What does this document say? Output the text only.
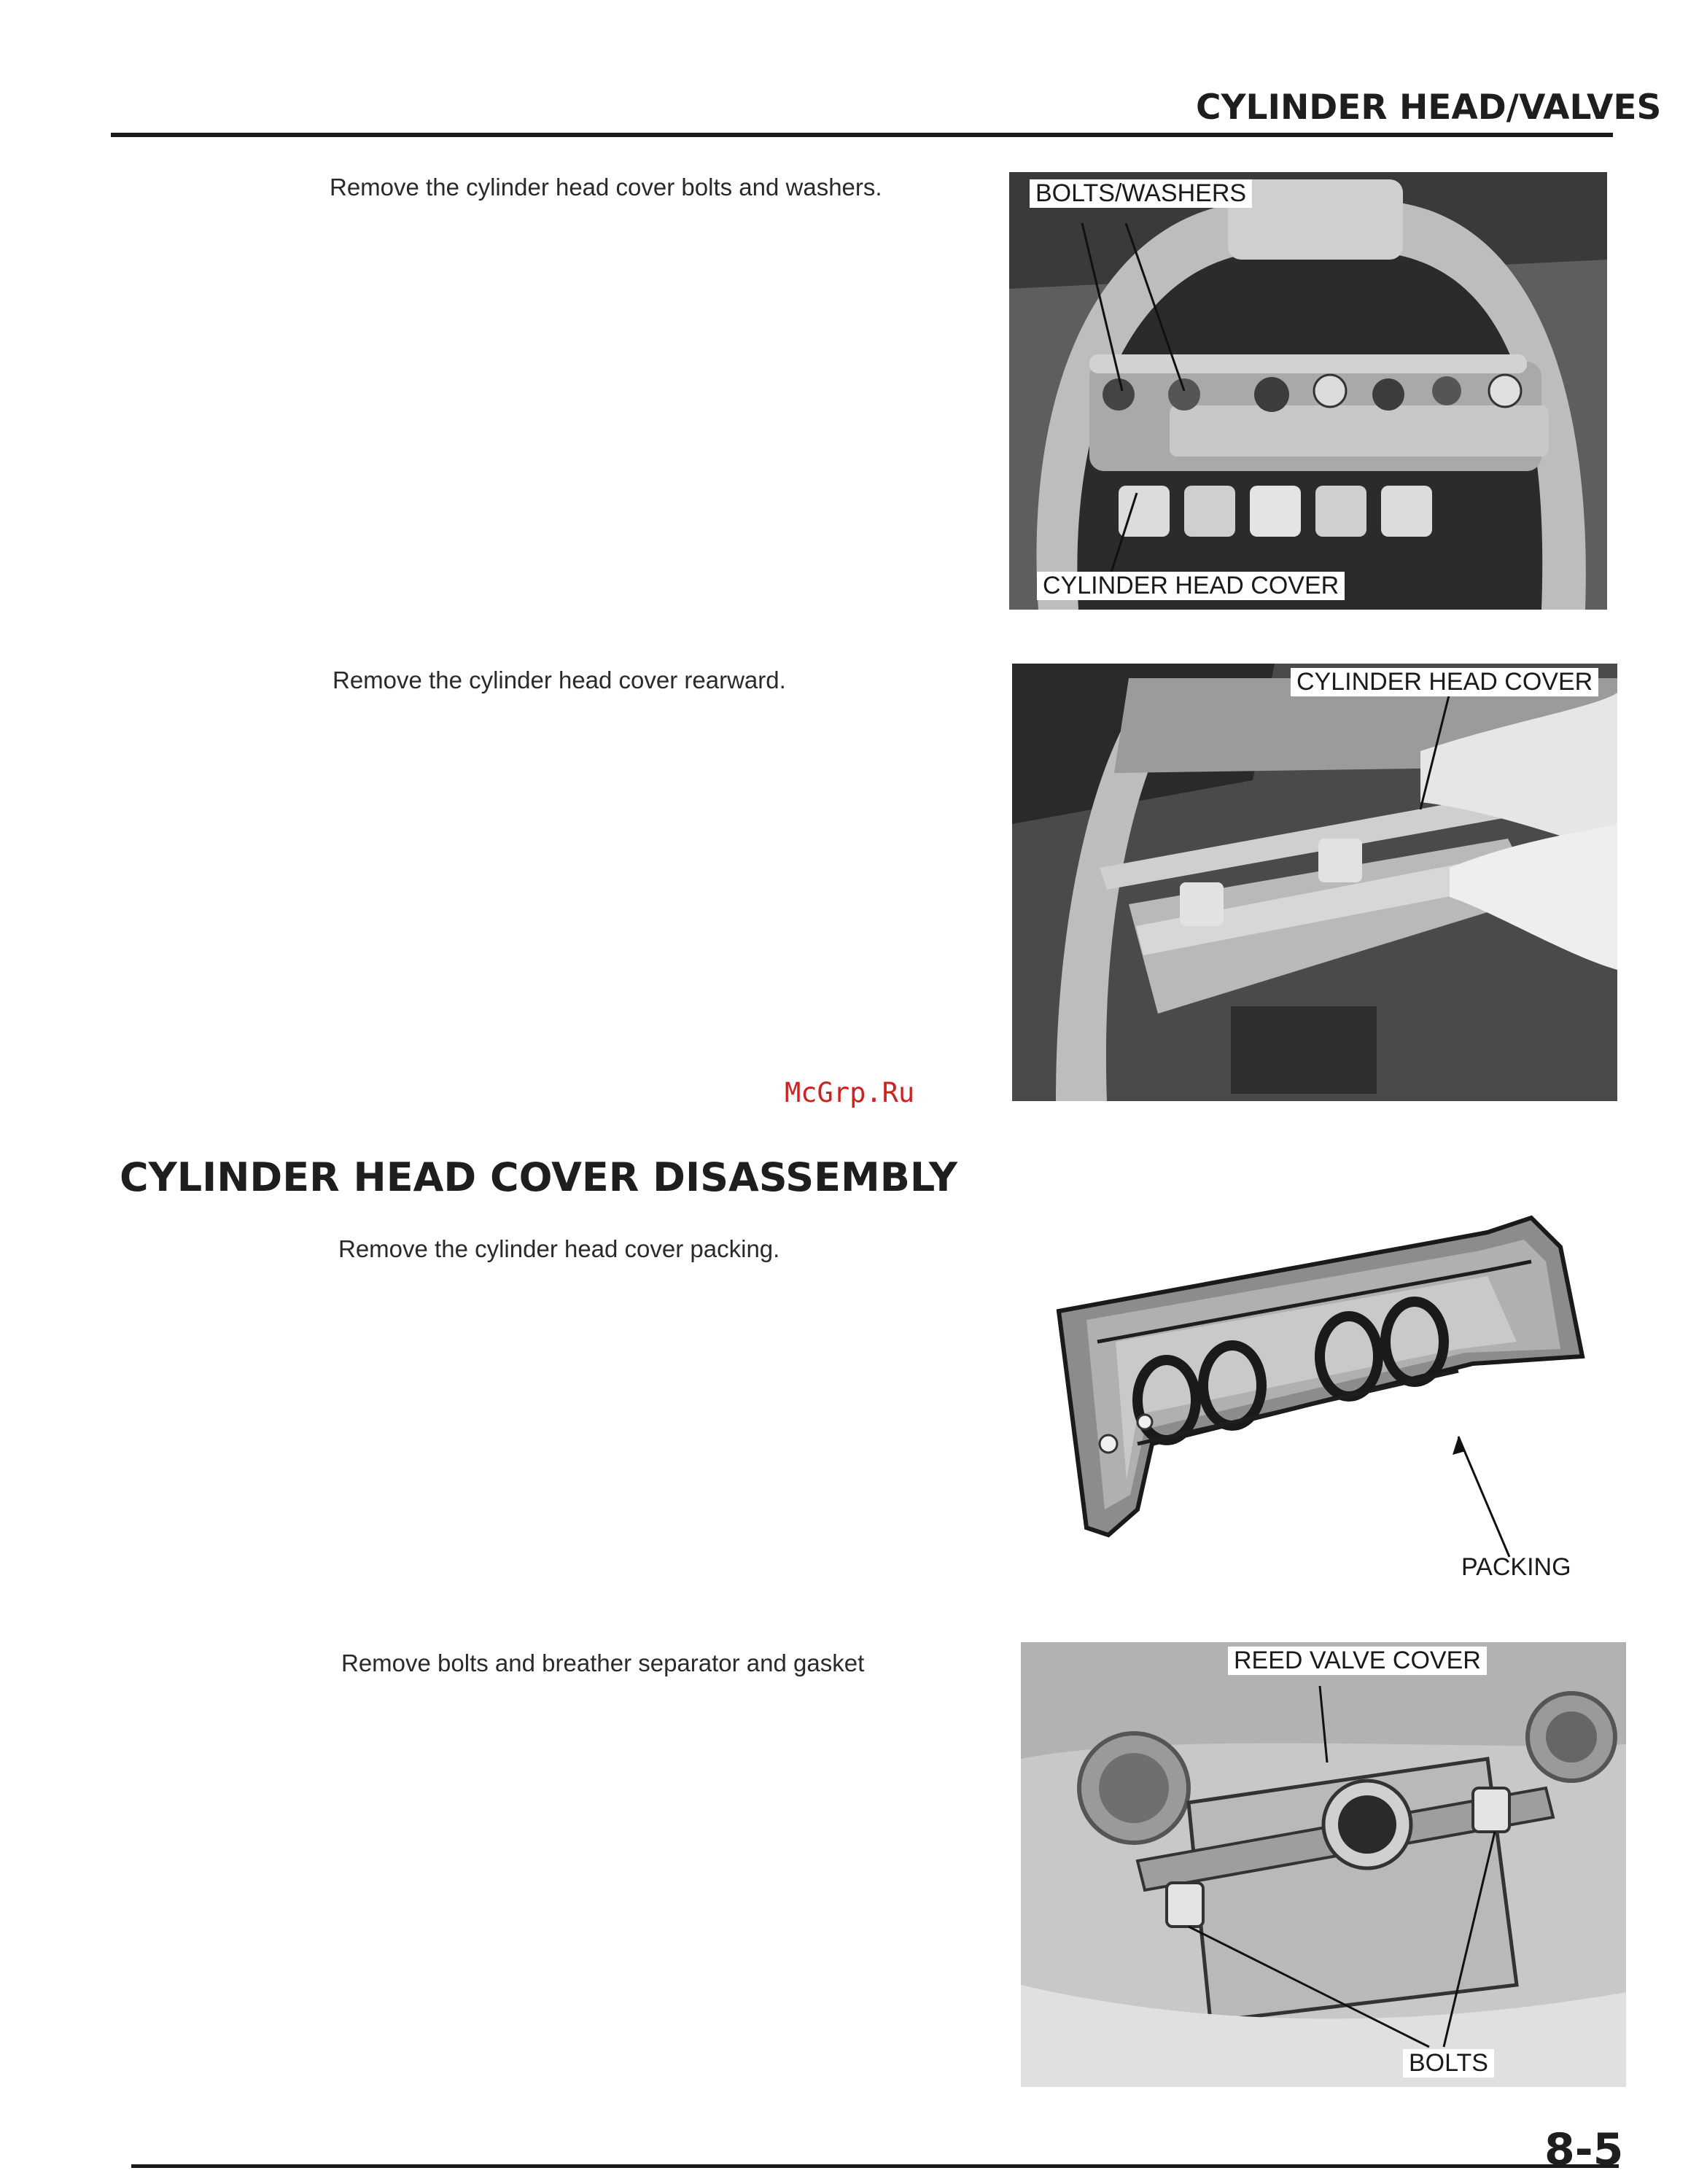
CYLINDER HEAD/VALVES
Remove the cylinder head cover bolts and washers.	BOLTS/WASHERS
CYLINDER HEAD COVER
Remove the cylinder head cover rearward.	CYLINDER HEAD COVER
McGrp.Ru
CYLINDER HEAD COVER DISASSEMBLY
Remove the cylinder head cover packing.
PACKING
Remove bolts and breather separator and gasket	REED VALVE COVER
BOLTS
8-5
